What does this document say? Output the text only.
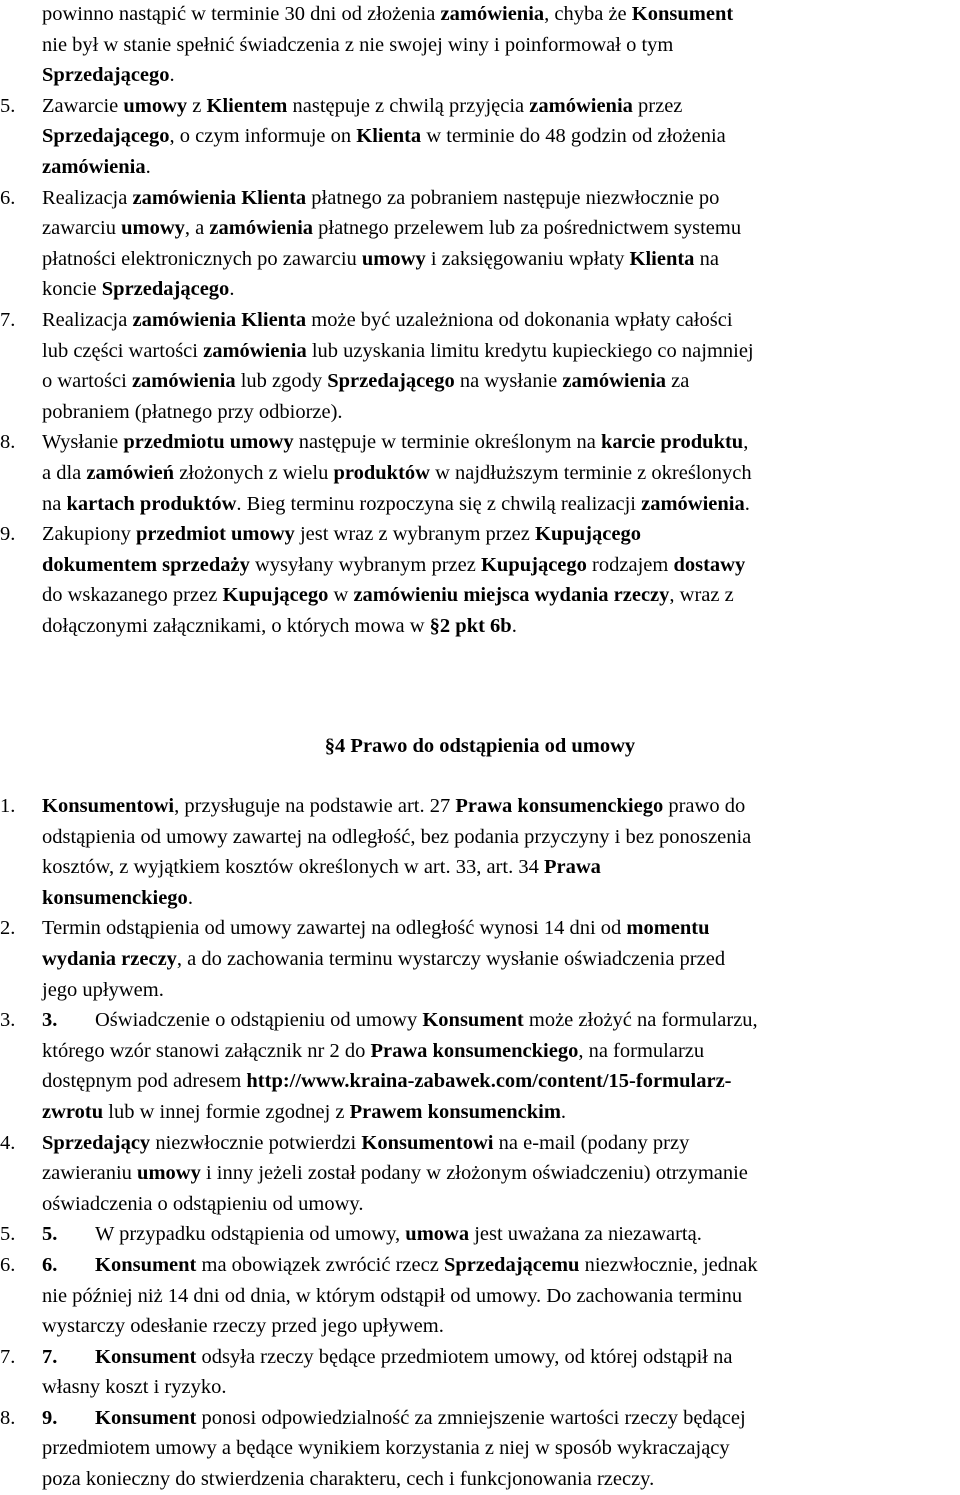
powinno nastąpić w terminie 30 dni od złożenia zamówienia, chyba że Konsument
nie był w stanie spełnić świadczenia z nie swojej winy i poinformował o tym
Sprzedającego.
5. Zawarcie umowy z Klientem następuje z chwilą przyjęcia zamówienia przez
Sprzedającego, o czym informuje on Klienta w terminie do 48 godzin od złożenia
zamówienia.
6. Realizacja zamówienia Klienta płatnego za pobraniem następuje niezwłocznie po
zawarciu umowy, a zamówienia płatnego przelewem lub za pośrednictwem systemu
płatności elektronicznych po zawarciu umowy i zaksięgowaniu wpłaty Klienta na
koncie Sprzedającego.
7. Realizacja zamówienia Klienta może być uzależniona od dokonania wpłaty całości
lub części wartości zamówienia lub uzyskania limitu kredytu kupieckiego co najmniej
o wartości zamówienia lub zgody Sprzedającego na wysłanie zamówienia za
pobraniem (płatnego przy odbiorze).
8. Wysłanie przedmiotu umowy następuje w terminie określonym na karcie produktu,
a dla zamówień złożonych z wielu produktów w najdłuższym terminie z określonych
na kartach produktów. Bieg terminu rozpoczyna się z chwilą realizacji zamówienia.
9. Zakupiony przedmiot umowy jest wraz z wybranym przez Kupującego
dokumentem sprzedaży wysyłany wybranym przez Kupującego rodzajem dostawy
do wskazanego przez Kupującego w zamówieniu miejsca wydania rzeczy, wraz z
dołączonymi załącznikami, o których mowa w §2 pkt 6b.
§4 Prawo do odstąpienia od umowy
1. Konsumentowi, przysługuje na podstawie art. 27 Prawa konsumenckiego prawo do
odstąpienia od umowy zawartej na odległość, bez podania przyczyny i bez ponoszenia
kosztów, z wyjątkiem kosztów określonych w art. 33, art. 34 Prawa
konsumenckiego.
2. Termin odstąpienia od umowy zawartej na odległość wynosi 14 dni od momentu
wydania rzeczy, a do zachowania terminu wystarczy wysłanie oświadczenia przed
jego upływem.
3. 3.	Oświadczenie o odstąpieniu od umowy Konsument może złożyć na formularzu,
którego wzór stanowi załącznik nr 2 do Prawa konsumenckiego, na formularzu
dostępnym pod adresem http://www.kraina-zabawek.com/content/15-formularz-
zwrotu lub w innej formie zgodnej z Prawem konsumenckim.
4. Sprzedający niezwłocznie potwierdzi Konsumentowi na e-mail (podany przy
zawieraniu umowy i inny jeżeli został podany w złożonym oświadczeniu) otrzymanie
oświadczenia o odstąpieniu od umowy.
5. 5.	W przypadku odstąpienia od umowy, umowa jest uważana za niezawartą.
6. 6.	Konsument ma obowiązek zwrócić rzecz Sprzedającemu niezwłocznie, jednak
nie później niż 14 dni od dnia, w którym odstąpił od umowy. Do zachowania terminu
wystarczy odesłanie rzeczy przed jego upływem.
7. 7.	Konsument odsyła rzeczy będące przedmiotem umowy, od której odstąpił na
własny koszt i ryzyko.
8. 9.	Konsument ponosi odpowiedzialność za zmniejszenie wartości rzeczy będącej
przedmiotem umowy a będące wynikiem korzystania z niej w sposób wykraczający
poza konieczny do stwierdzenia charakteru, cech i funkcjonowania rzeczy.
